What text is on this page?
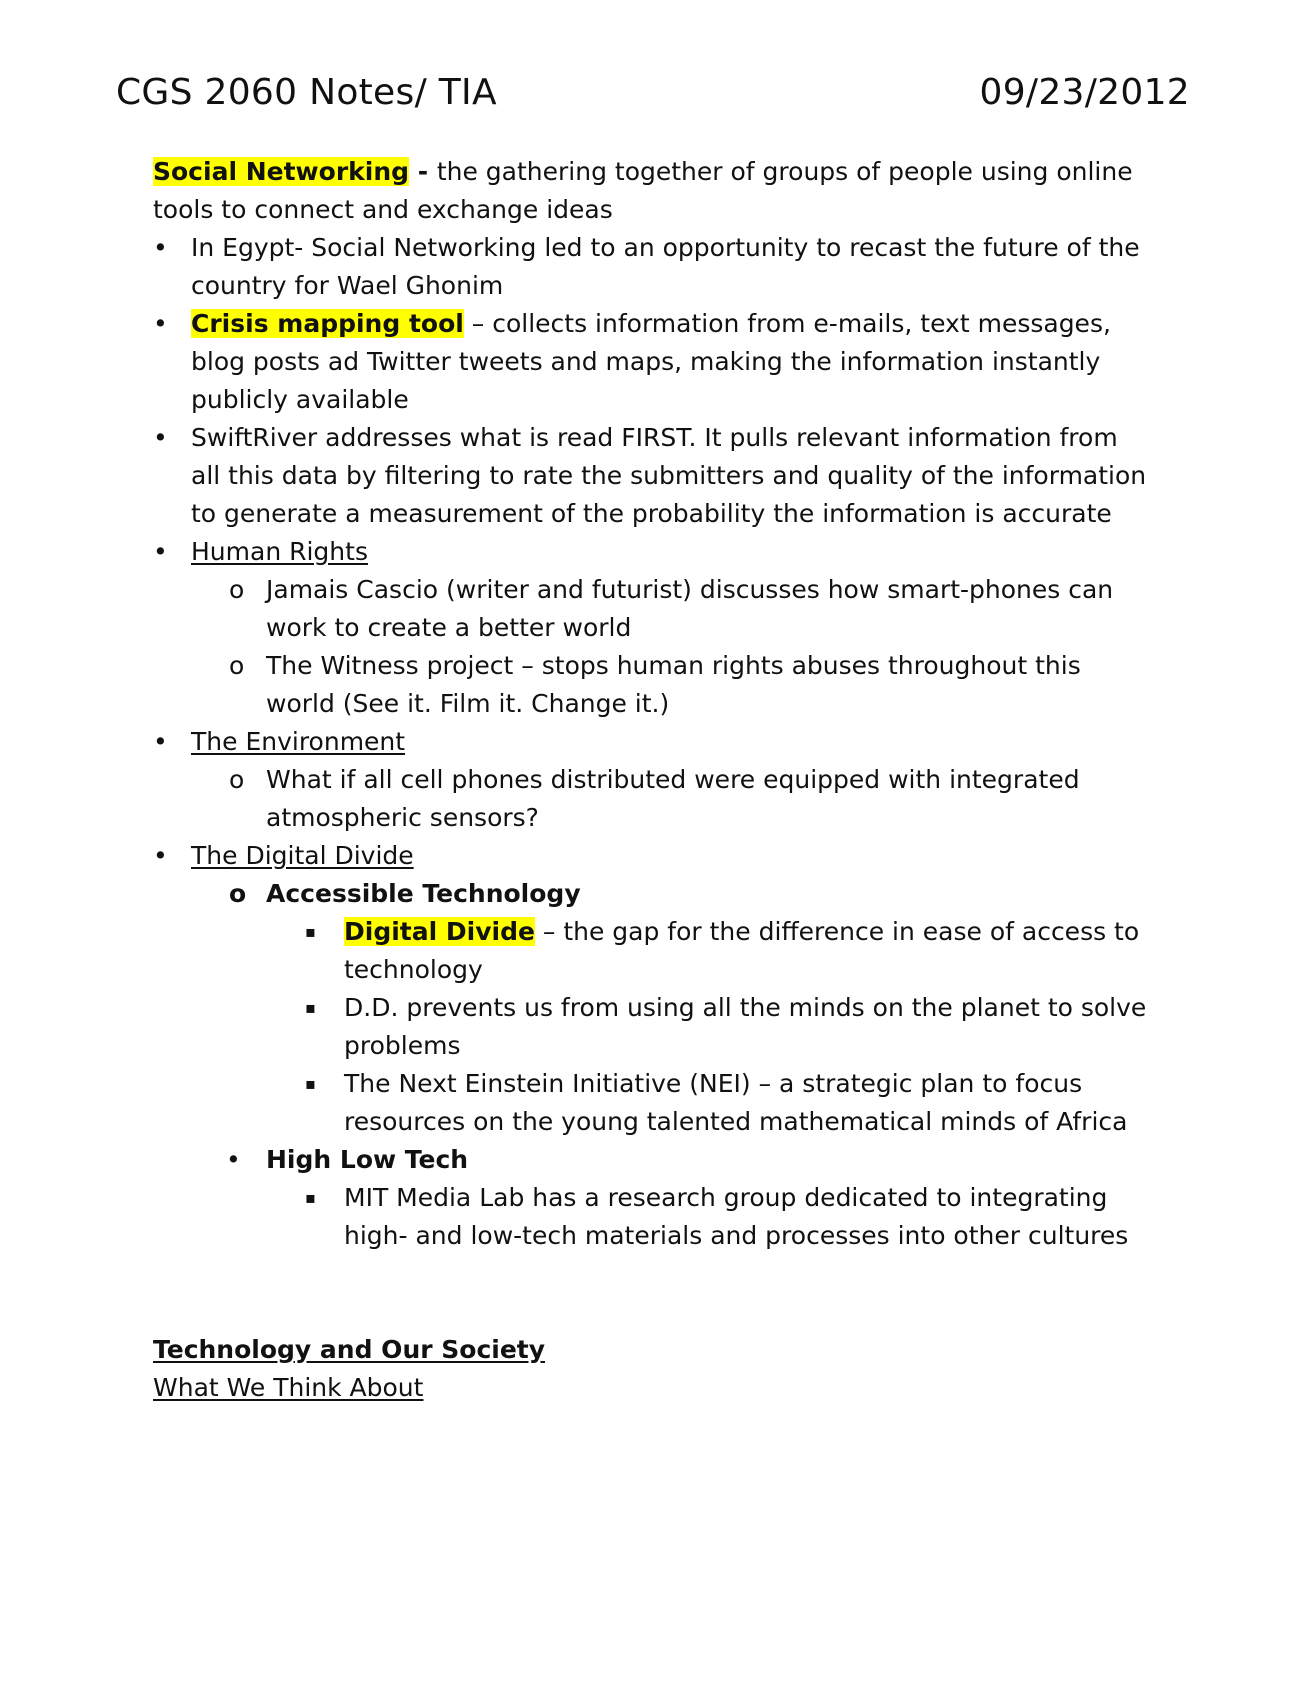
CGS 2060 Notes/ TIA	09/23/2012

Social Networking - the gathering together of groups of people using online tools to connect and exchange ideas

• In Egypt- Social Networking led to an opportunity to recast the future of the country for Wael Ghonim
• Crisis mapping tool – collects information from e-mails, text messages, blog posts ad Twitter tweets and maps, making the information instantly publicly available
• SwiftRiver addresses what is read FIRST. It pulls relevant information from all this data by filtering to rate the submitters and quality of the information to generate a measurement of the probability the information is accurate
• Human Rights
o Jamais Cascio (writer and futurist) discusses how smart-phones can work to create a better world
o The Witness project – stops human rights abuses throughout this world (See it. Film it. Change it.)
• The Environment
o What if all cell phones distributed were equipped with integrated atmospheric sensors?
• The Digital Divide
o Accessible Technology
▪ Digital Divide – the gap for the difference in ease of access to technology
▪ D.D. prevents us from using all the minds on the planet to solve problems
▪ The Next Einstein Initiative (NEI) – a strategic plan to focus resources on the young talented mathematical minds of Africa
• High Low Tech
▪ MIT Media Lab has a research group dedicated to integrating high- and low-tech materials and processes into other cultures

Technology and Our Society

What We Think About
